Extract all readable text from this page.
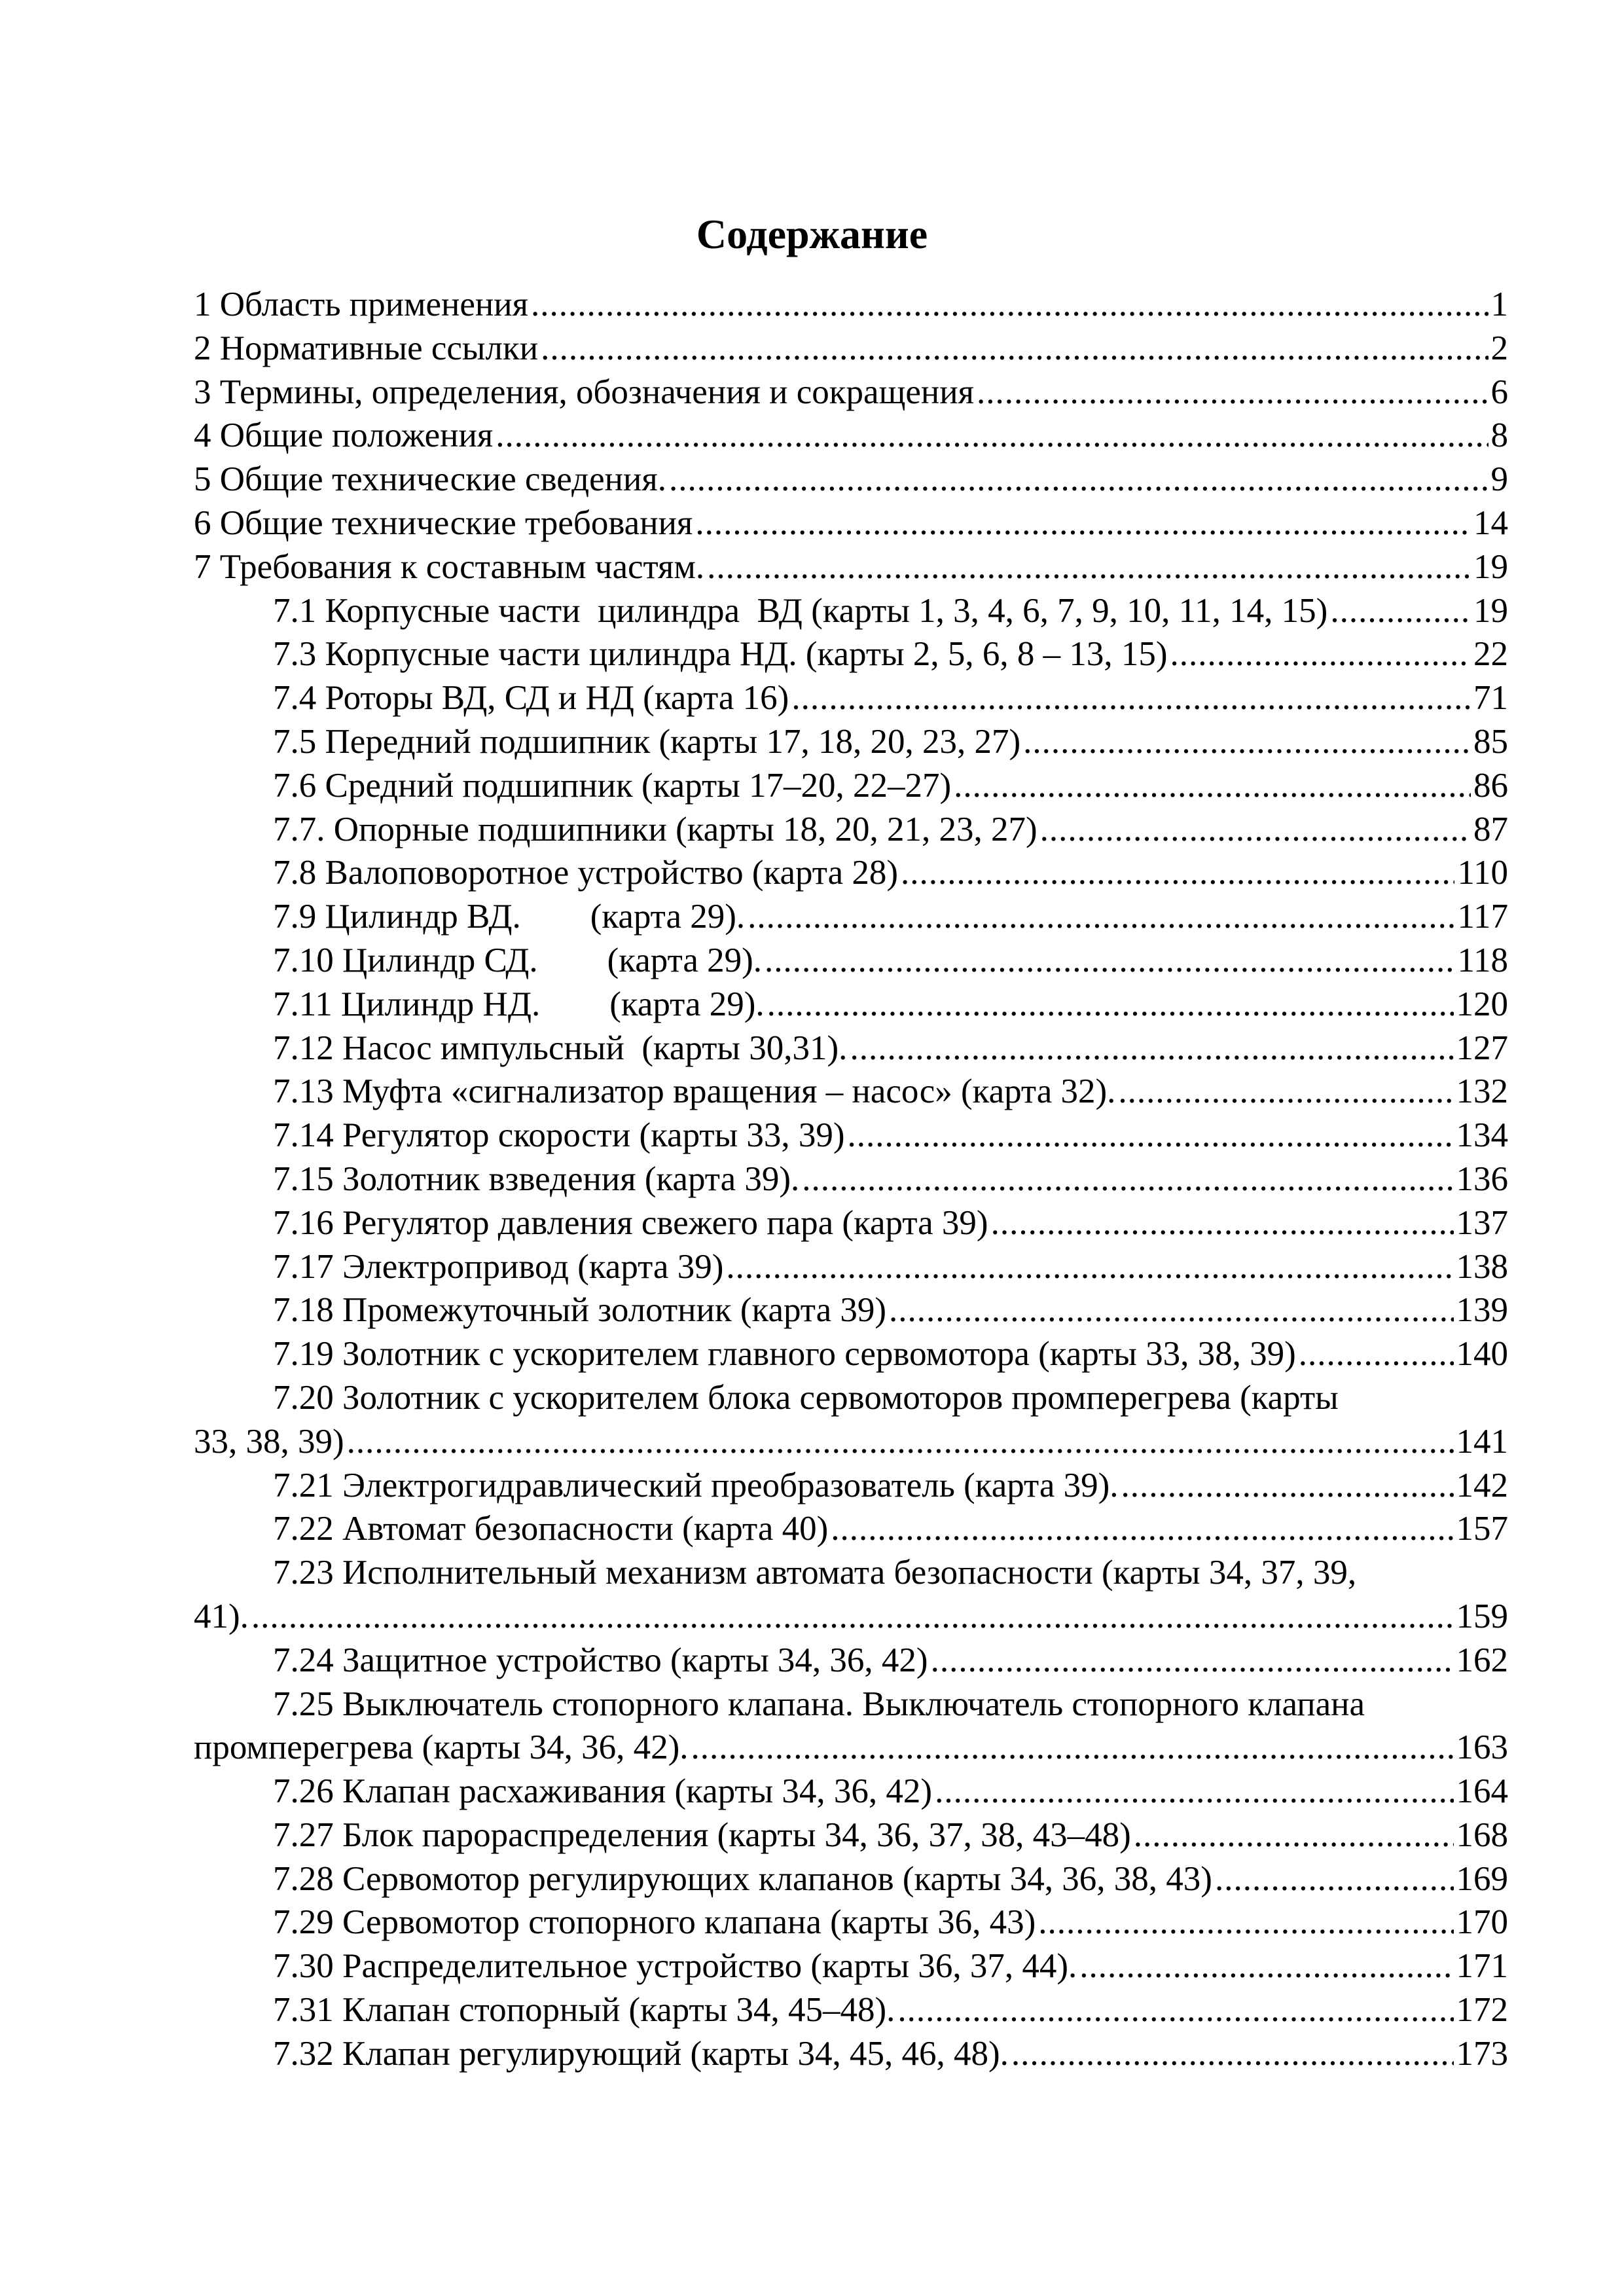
Содержание
1 Область применения .....	1
2 Нормативные ссылки .....	2
3 Термины, определения, обозначения и сокращения .....	6
4 Общие положения .....	8
5 Общие технические сведения. .....	9
6 Общие технические требования .....	14
7 Требования к составным частям. .....	19
7.1 Корпусные части  цилиндра  ВД (карты 1, 3, 4, 6, 7, 9, 10, 11, 14, 15) .....	19
7.3 Корпусные части цилиндра НД. (карты 2, 5, 6, 8 – 13, 15) .....	22
7.4 Роторы ВД, СД и НД (карта 16) .....	71
7.5 Передний подшипник (карты 17, 18, 20, 23, 27) .....	85
7.6 Средний подшипник (карты 17–20, 22–27) .....	86
7.7. Опорные подшипники (карты 18, 20, 21, 23, 27) .....	87
7.8 Валоповоротное устройство (карта 28) .....	110
7.9 Цилиндр ВД.        (карта 29). .....	117
7.10 Цилиндр СД.        (карта 29). .....	118
7.11 Цилиндр НД.        (карта 29). .....	120
7.12 Насос импульсный  (карты 30,31). .....	127
7.13 Муфта «сигнализатор вращения – насос» (карта 32). .....	132
7.14 Регулятор скорости (карты 33, 39) .....	134
7.15 Золотник взведения (карта 39). .....	136
7.16 Регулятор давления свежего пара (карта 39) .....	137
7.17 Электропривод (карта 39) .....	138
7.18 Промежуточный золотник (карта 39) .....	139
7.19 Золотник с ускорителем главного сервомотора (карты 33, 38, 39) .....	140
7.20 Золотник с ускорителем блока сервомоторов промперегрева (карты
33, 38, 39) .....	141
7.21 Электрогидравлический преобразователь (карта 39). .....	142
7.22 Автомат безопасности (карта 40) .....	157
7.23 Исполнительный механизм автомата безопасности (карты 34, 37, 39,
41). .....	159
7.24 Защитное устройство (карты 34, 36, 42) .....	162
7.25 Выключатель стопорного клапана. Выключатель стопорного клапана
промперегрева (карты 34, 36, 42). .....	163
7.26 Клапан расхаживания (карты 34, 36, 42) .....	164
7.27 Блок парораспределения (карты 34, 36, 37, 38, 43–48) .....	168
7.28 Сервомотор регулирующих клапанов (карты 34, 36, 38, 43) .....	169
7.29 Сервомотор стопорного клапана (карты 36, 43) .....	170
7.30 Распределительное устройство (карты 36, 37, 44). .....	171
7.31 Клапан стопорный (карты 34, 45–48). .....	172
7.32 Клапан регулирующий (карты 34, 45, 46, 48). .....	173
